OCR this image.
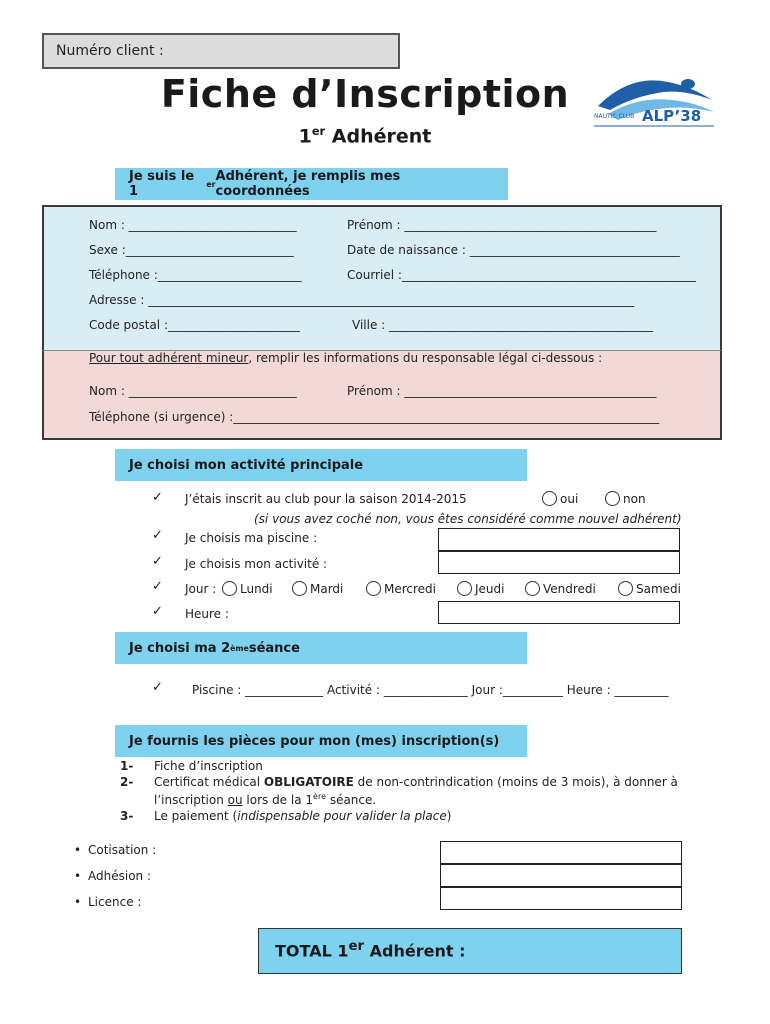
Numéro client :
Fiche d’Inscription
1er Adhérent
NAUTIC CLUB ALP’38
Je suis le 1	er Adhérent, je remplis mes coordonnées
Nom : ____________________________	Prénom : __________________________________________
Sexe :____________________________	Date de naissance : ___________________________________
Téléphone :________________________	Courriel :_________________________________________________
Adresse : _________________________________________________________________________________
Code postal :______________________	Ville : ____________________________________________
Pour tout adhérent mineur, remplir les informations du responsable légal ci-dessous :
Nom : ____________________________	Prénom : __________________________________________
Téléphone (si urgence) :_______________________________________________________________________
Je choisi mon activité principale
✓ J’étais inscrit au club pour la saison 2014-2015	oui	non
(si vous avez coché non, vous êtes considéré comme nouvel adhérent)
✓ Je choisis ma piscine :
✓ Je choisis mon activité :
✓ Jour :	Lundi	Mardi	Mercredi	Jeudi	Vendredi	Samedi
✓ Heure :
Je choisi ma 2 ème séance
✓ Piscine : _____________ Activité : ______________ Jour :__________ Heure : _________
Je fournis les pièces pour mon (mes) inscription(s)
1- Fiche d’inscription
2- Certificat médical OBLIGATOIRE de non-contrindication (moins de 3 mois), à donner à
l’inscription ou lors de la 1ère séance.
3- Le paiement (indispensable pour valider la place)
• Cotisation :
• Adhésion :
• Licence :
TOTAL 1er Adhérent :
